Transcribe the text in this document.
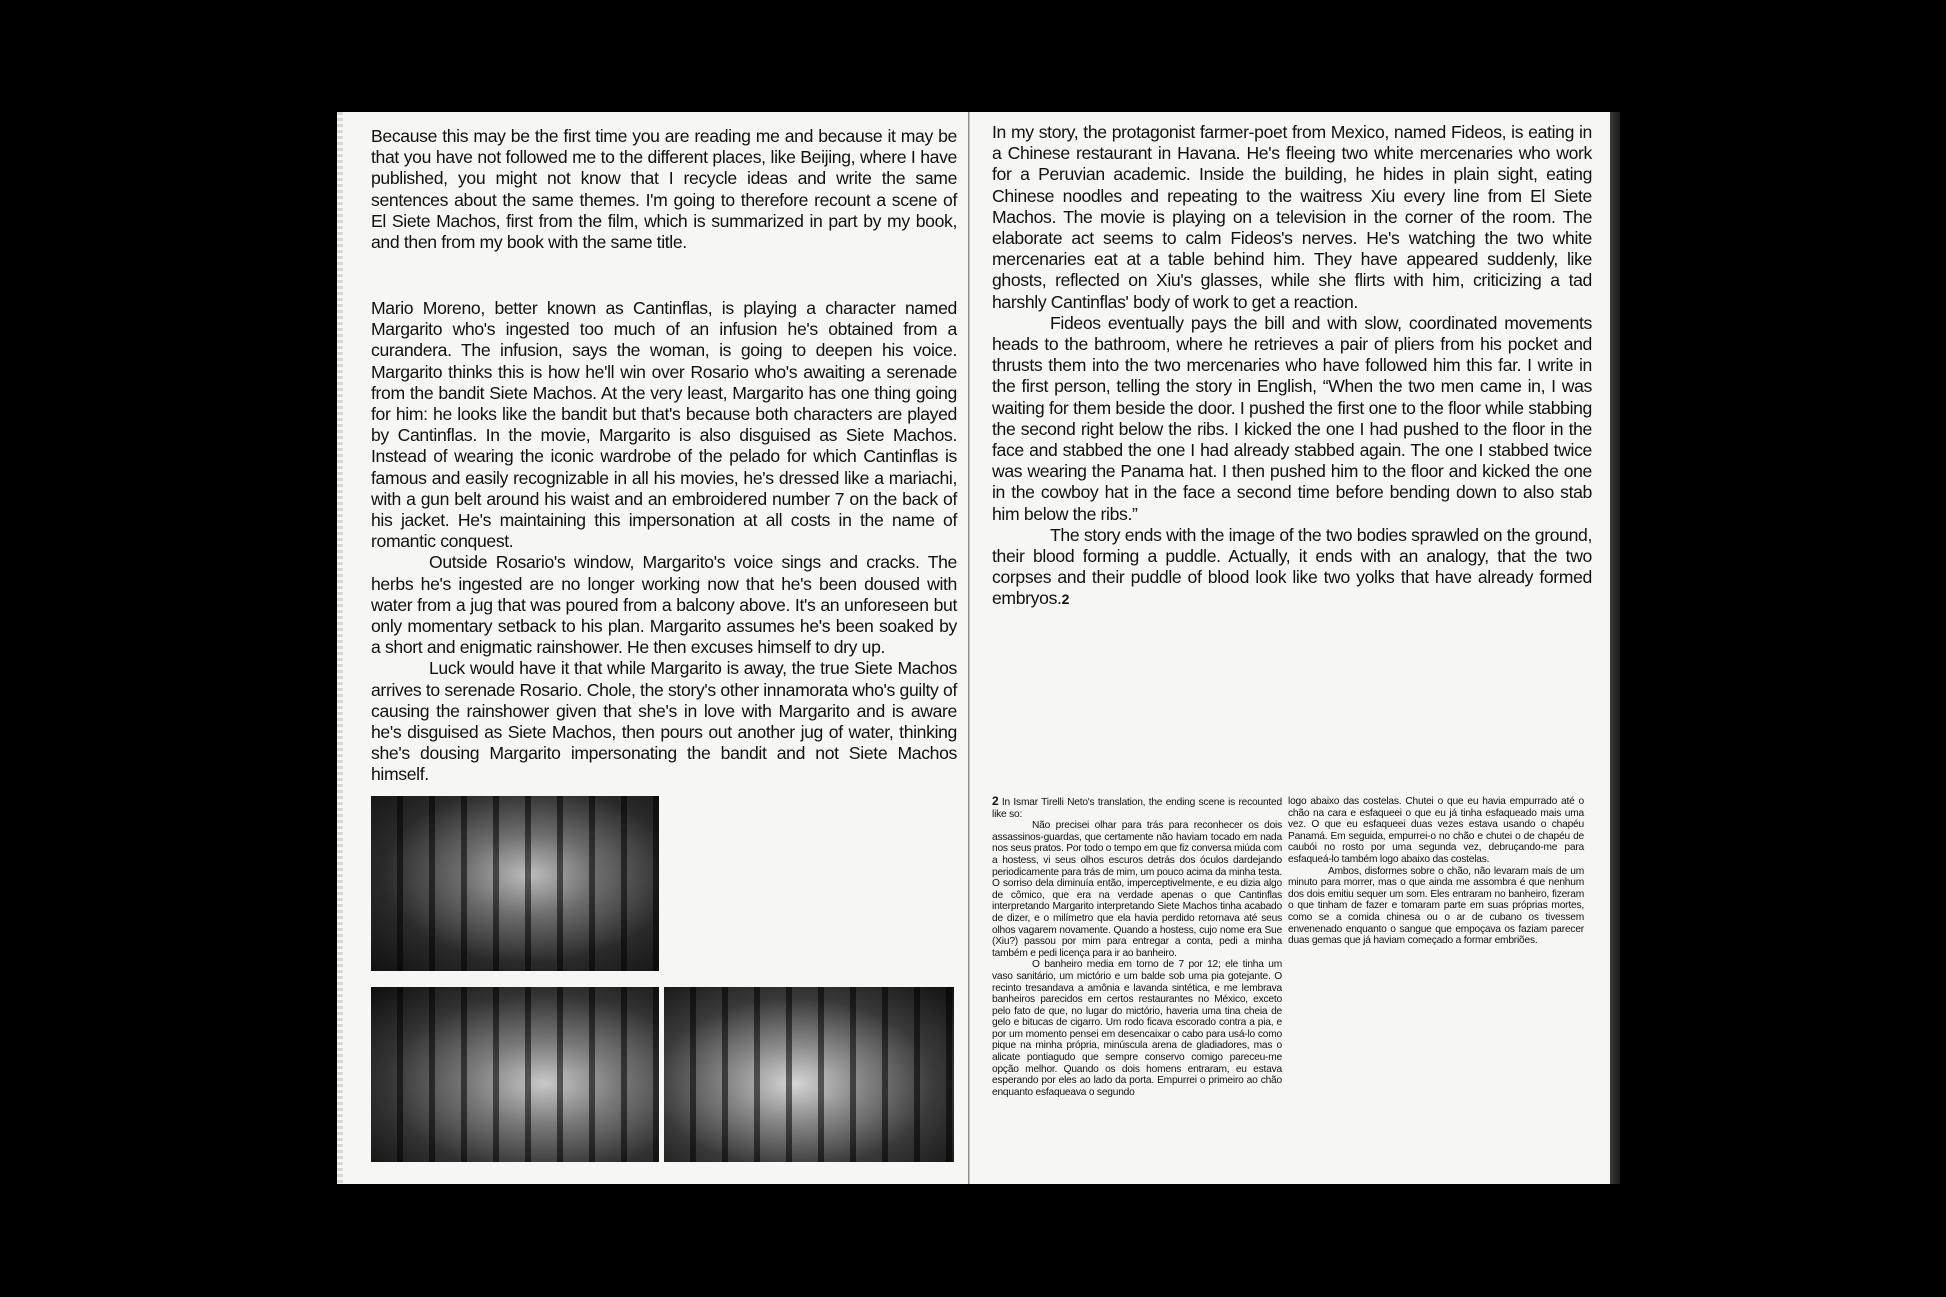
Because this may be the first time you are reading me and because it may be that you have not followed me to the different places, like Beijing, where I have published, you might not know that I recycle ideas and write the same sentences about the same themes. I'm going to therefore recount a scene of El Siete Machos, first from the film, which is summarized in part by my book, and then from my book with the same title.

Mario Moreno, better known as Cantinflas, is playing a character named Margarito who's ingested too much of an infusion he's obtained from a curandera. The infusion, says the woman, is going to deepen his voice. Margarito thinks this is how he'll win over Rosario who's awaiting a serenade from the bandit Siete Machos. At the very least, Margarito has one thing going for him: he looks like the bandit but that's because both characters are played by Cantinflas. In the movie, Margarito is also disguised as Siete Machos. Instead of wearing the iconic wardrobe of the pelado for which Cantinflas is famous and easily recognizable in all his movies, he's dressed like a mariachi, with a gun belt around his waist and an embroidered number 7 on the back of his jacket. He's maintaining this impersonation at all costs in the name of romantic conquest.

Outside Rosario's window, Margarito's voice sings and cracks. The herbs he's ingested are no longer working now that he's been doused with water from a jug that was poured from a balcony above. It's an unforeseen but only momentary setback to his plan. Margarito assumes he's been soaked by a short and enigmatic rainshower. He then excuses himself to dry up.

Luck would have it that while Margarito is away, the true Siete Machos arrives to serenade Rosario. Chole, the story's other innamorata who's guilty of causing the rainshower given that she's in love with Margarito and is aware he's disguised as Siete Machos, then pours out another jug of water, thinking she's dousing Margarito impersonating the bandit and not Siete Machos himself.

In my story, the protagonist farmer-poet from Mexico, named Fideos, is eating in a Chinese restaurant in Havana. He's fleeing two white mercenaries who work for a Peruvian academic. Inside the building, he hides in plain sight, eating Chinese noodles and repeating to the waitress Xiu every line from El Siete Machos. The movie is playing on a television in the corner of the room. The elaborate act seems to calm Fideos's nerves. He's watching the two white mercenaries eat at a table behind him. They have appeared suddenly, like ghosts, reflected on Xiu's glasses, while she flirts with him, criticizing a tad harshly Cantinflas' body of work to get a reaction.

Fideos eventually pays the bill and with slow, coordinated movements heads to the bathroom, where he retrieves a pair of pliers from his pocket and thrusts them into the two mercenaries who have followed him this far. I write in the first person, telling the story in English, “When the two men came in, I was waiting for them beside the door. I pushed the first one to the floor while stabbing the second right below the ribs. I kicked the one I had pushed to the floor in the face and stabbed the one I had already stabbed again. The one I stabbed twice was wearing the Panama hat. I then pushed him to the floor and kicked the one in the cowboy hat in the face a second time before bending down to also stab him below the ribs.”

The story ends with the image of the two bodies sprawled on the ground, their blood forming a puddle. Actually, it ends with an analogy, that the two corpses and their puddle of blood look like two yolks that have already formed embryos.2

2 In Ismar Tirelli Neto's translation, the ending scene is recounted like so:

Não precisei olhar para trás para reconhecer os dois assassinos-guardas, que certamente não haviam tocado em nada nos seus pratos. Por todo o tempo em que fiz conversa miúda com a hostess, vi seus olhos escuros detrás dos óculos dardejando periodicamente para trás de mim, um pouco acima da minha testa. O sorriso dela diminuía então, imperceptivelmente, e eu dizia algo de cômico, que era na verdade apenas o que Cantinflas interpretando Margarito interpretando Siete Machos tinha acabado de dizer, e o milímetro que ela havia perdido retornava até seus olhos vagarem novamente. Quando a hostess, cujo nome era Sue (Xiu?) passou por mim para entregar a conta, pedi a minha também e pedi licença para ir ao banheiro.

O banheiro media em torno de 7 por 12; ele tinha um vaso sanitário, um mictório e um balde sob uma pia gotejante. O recinto tresandava a amônia e lavanda sintética, e me lembrava banheiros parecidos em certos restaurantes no México, exceto pelo fato de que, no lugar do mictório, haveria uma tina cheia de gelo e bitucas de cigarro. Um rodo ficava escorado contra a pia, e por um momento pensei em desencaixar o cabo para usá-lo como pique na minha própria, minúscula arena de gladiadores, mas o alicate pontiagudo que sempre conservo comigo pareceu-me opção melhor. Quando os dois homens entraram, eu estava esperando por eles ao lado da porta. Empurrei o primeiro ao chão enquanto esfaqueava o segundo

logo abaixo das costelas. Chutei o que eu havia empurrado até o chão na cara e esfaqueei o que eu já tinha esfaqueado mais uma vez. O que eu esfaqueei duas vezes estava usando o chapéu Panamá. Em seguida, empurrei-o no chão e chutei o de chapéu de caubói no rosto por uma segunda vez, debruçando-me para esfaqueá-lo também logo abaixo das costelas.

Ambos, disformes sobre o chão, não levaram mais de um minuto para morrer, mas o que ainda me assombra é que nenhum dos dois emitiu sequer um som. Eles entraram no banheiro, fizeram o que tinham de fazer e tomaram parte em suas próprias mortes, como se a comida chinesa ou o ar de cubano os tivessem envenenado enquanto o sangue que empoçava os faziam parecer duas gemas que já haviam começado a formar embriões.
